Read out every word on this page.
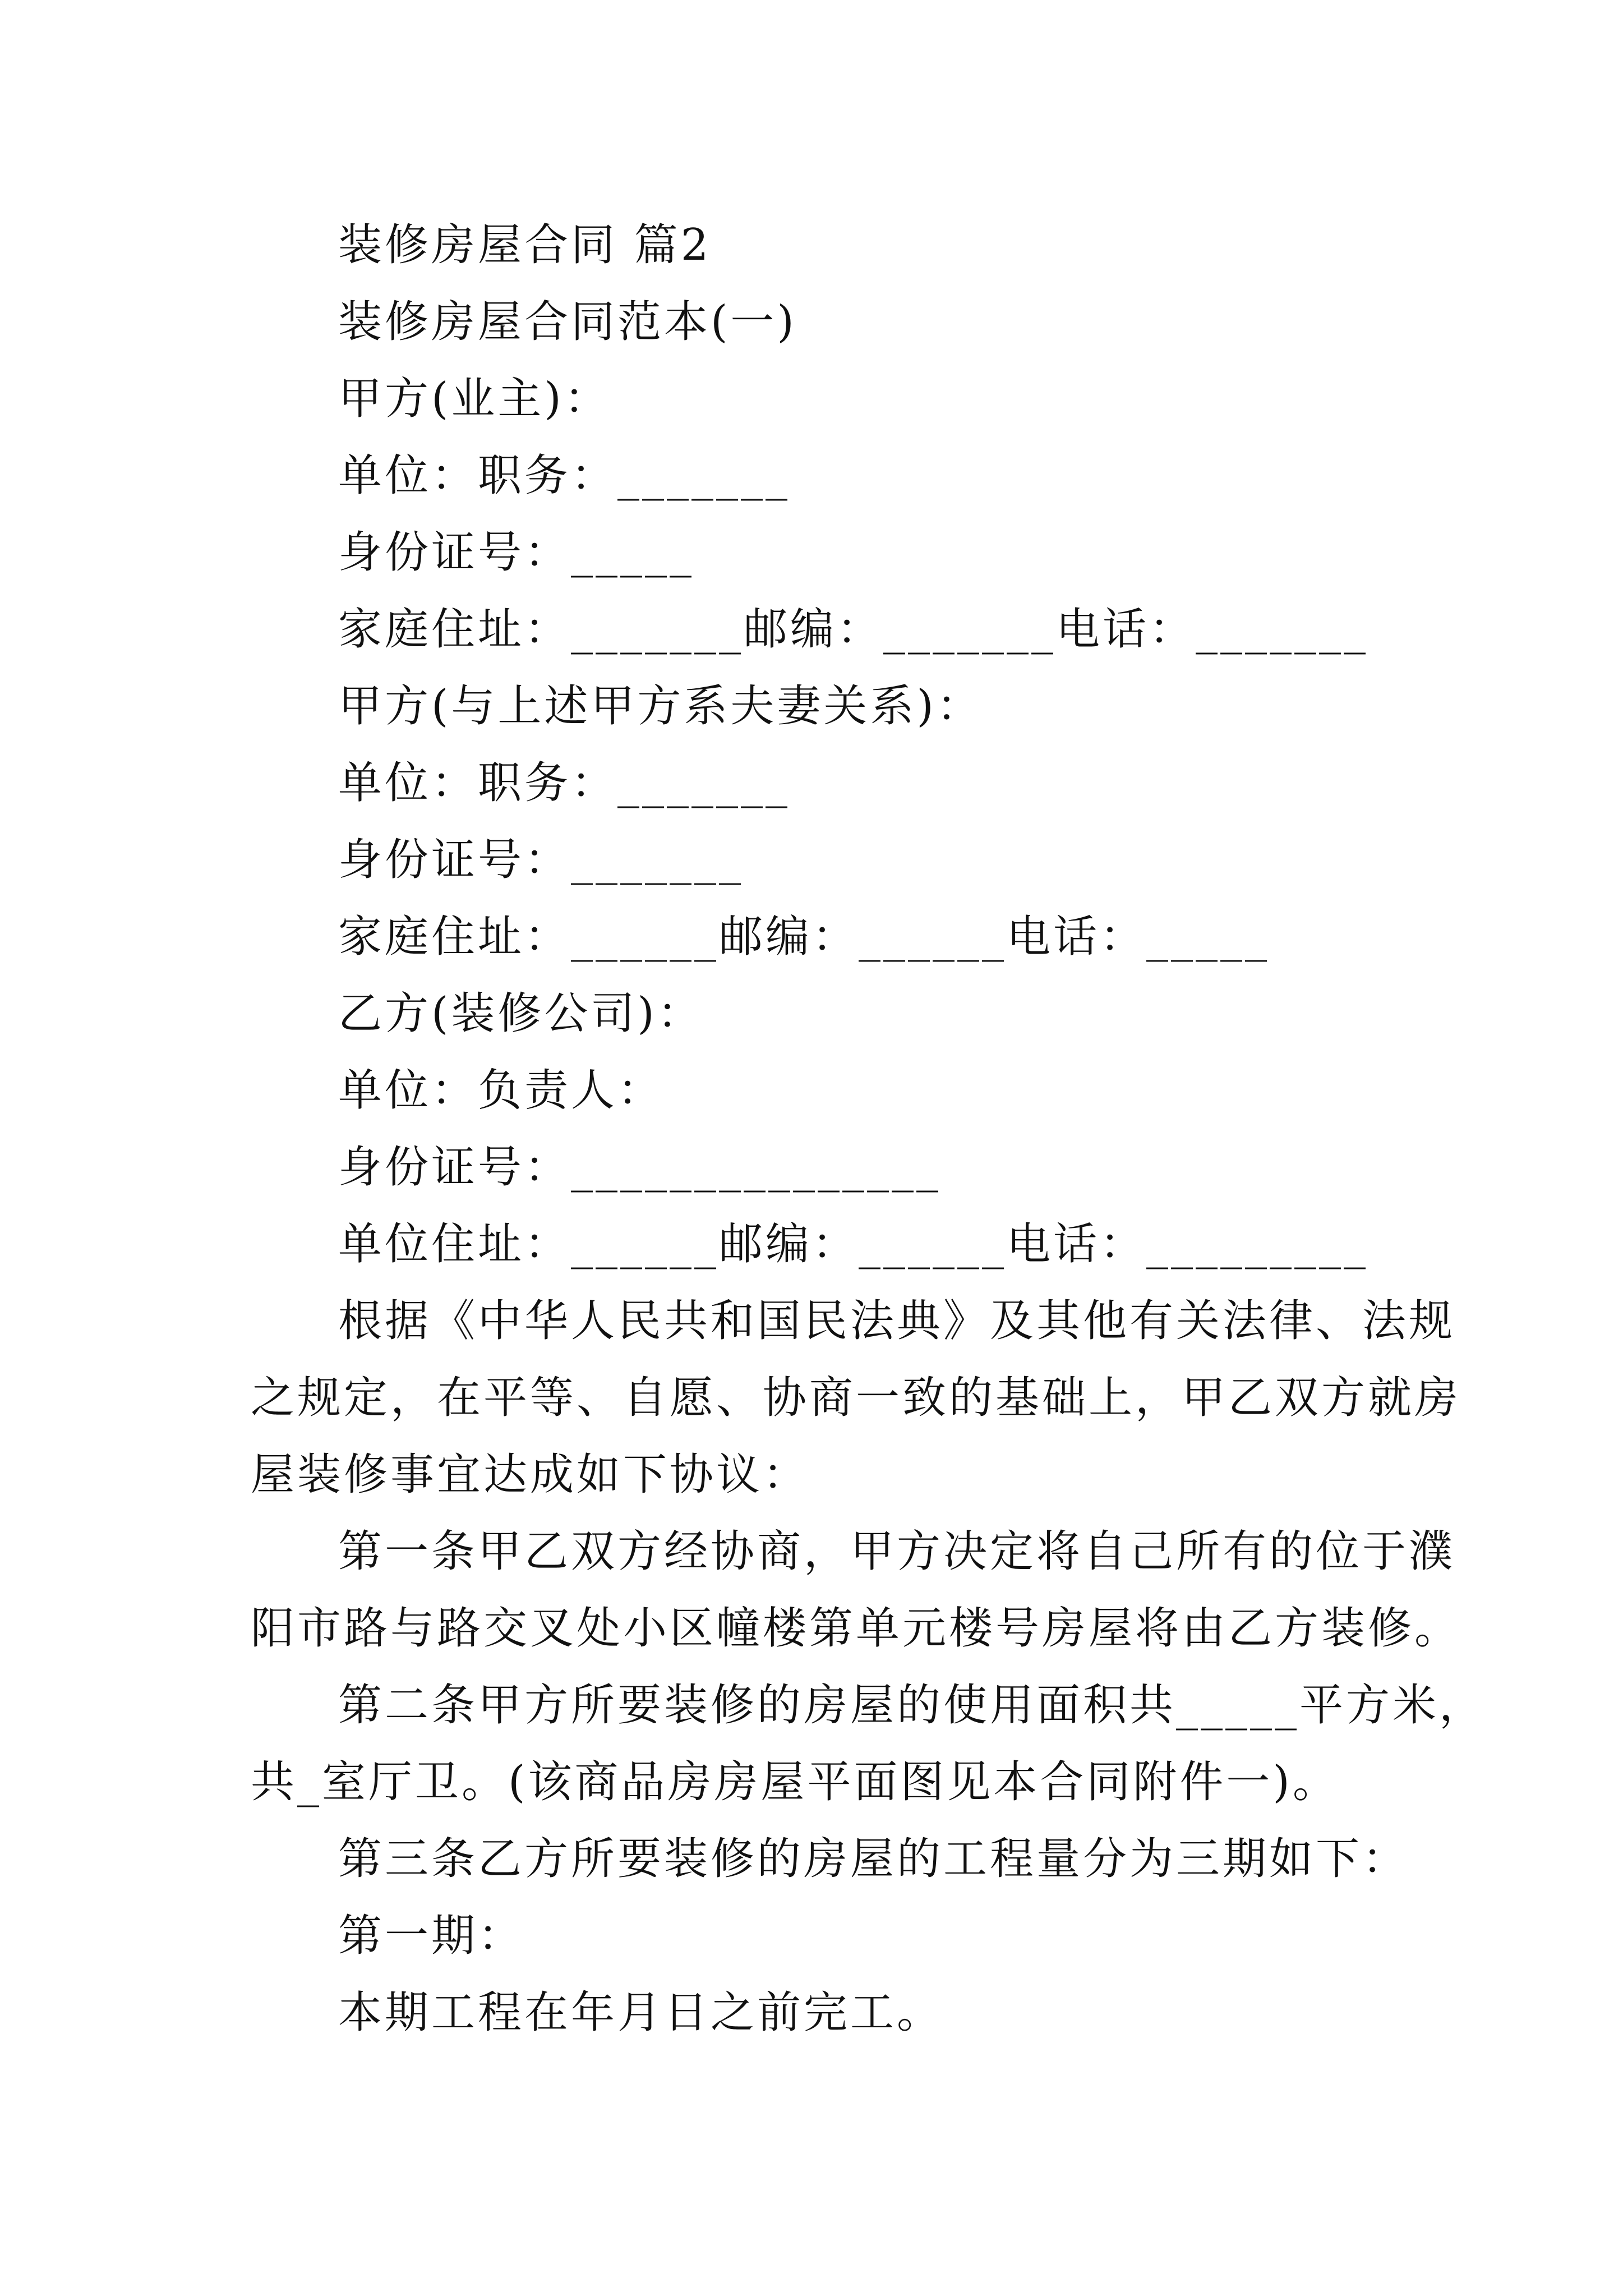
装修房屋合同 篇2
装修房屋合同范本(一)
甲方(业主)：
单位：职务：_______
身份证号：_____
家庭住址：_______邮编：_______电话：_______
甲方(与上述甲方系夫妻关系)：
单位：职务：_______
身份证号：_______
家庭住址：______邮编：______电话：_____
乙方(装修公司)：
单位：负责人：
身份证号：_______________
单位住址：______邮编：______电话：_________
根据《中华人民共和国民法典》及其他有关法律、法规
之规定，在平等、自愿、协商一致的基础上，甲乙双方就房
屋装修事宜达成如下协议：
第一条甲乙双方经协商，甲方决定将自己所有的位于濮
阳市路与路交叉处小区幢楼第单元楼号房屋将由乙方装修。
第二条甲方所要装修的房屋的使用面积共_____平方米，
共_室厅卫。(该商品房房屋平面图见本合同附件一)。
第三条乙方所要装修的房屋的工程量分为三期如下：
第一期：
本期工程在年月日之前完工。
